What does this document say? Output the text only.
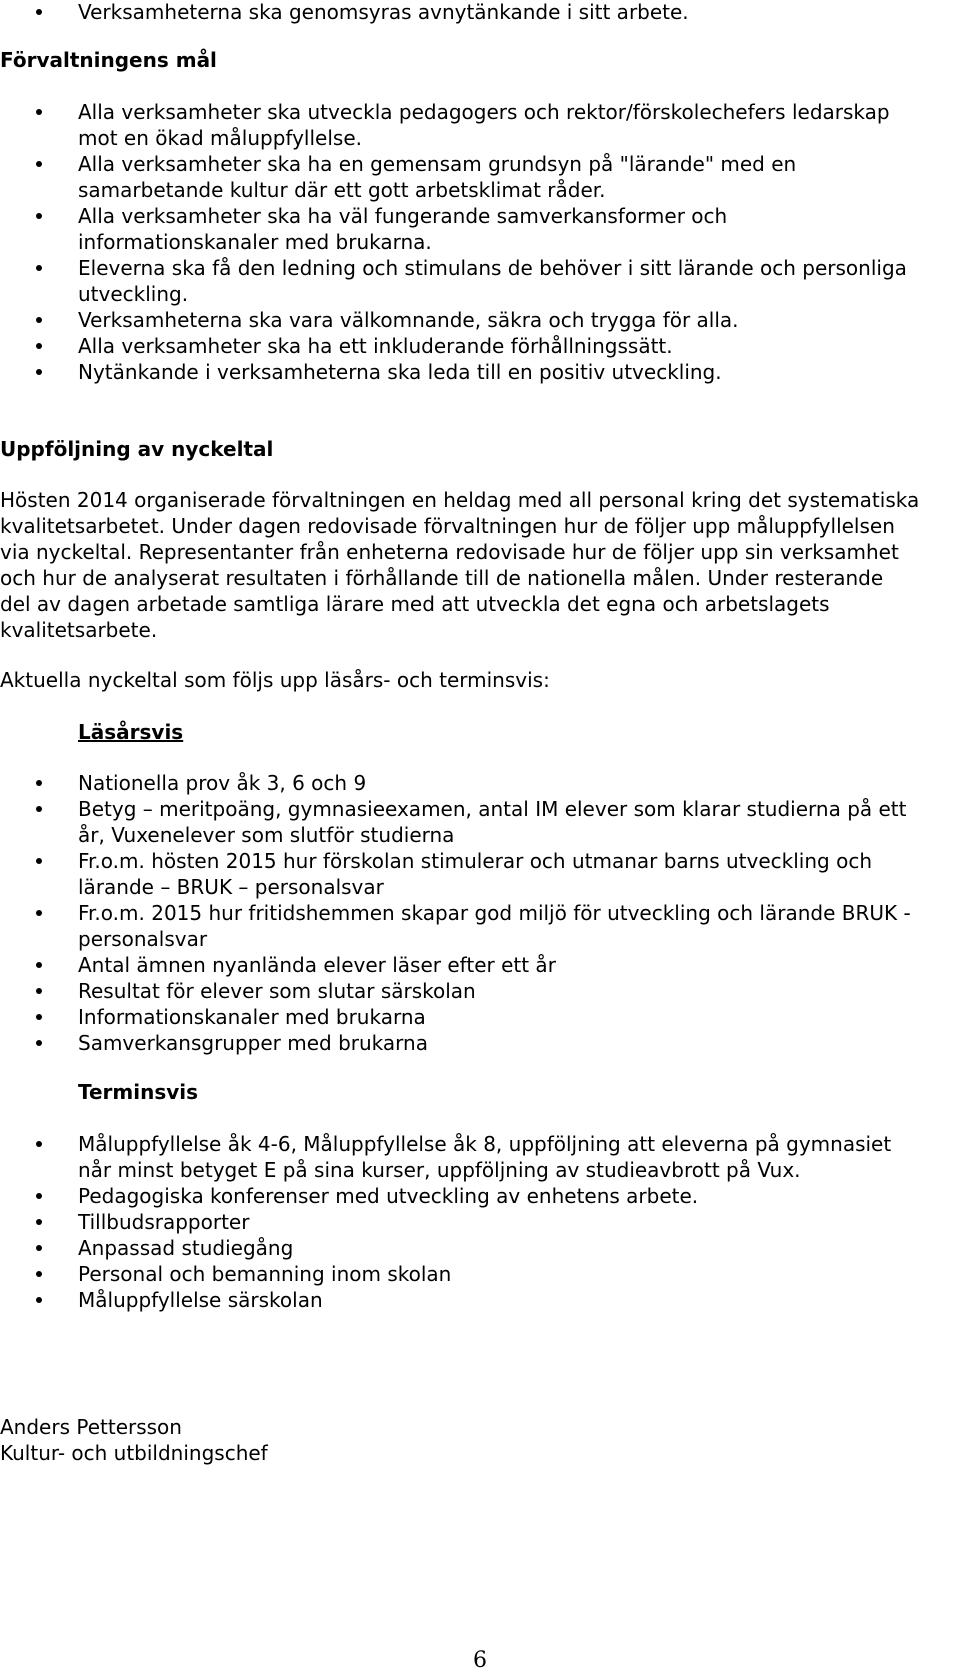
Verksamheterna ska genomsyras avnytänkande i sitt arbete.

Förvaltningens mål

Alla verksamheter ska utveckla pedagogers och rektor/förskolechefers ledarskap mot en ökad måluppfyllelse.
Alla verksamheter ska ha en gemensam grundsyn på "lärande" med en samarbetande kultur där ett gott arbetsklimat råder.
Alla verksamheter ska ha väl fungerande samverkansformer och informationskanaler med brukarna.
Eleverna ska få den ledning och stimulans de behöver i sitt lärande och personliga utveckling.
Verksamheterna ska vara välkomnande, säkra och trygga för alla.
Alla verksamheter ska ha ett inkluderande förhållningssätt.
Nytänkande i verksamheterna ska leda till en positiv utveckling.

Uppföljning av nyckeltal

Hösten 2014 organiserade förvaltningen en heldag med all personal kring det systematiska kvalitetsarbetet. Under dagen redovisade förvaltningen hur de följer upp måluppfyllelsen via nyckeltal. Representanter från enheterna redovisade hur de följer upp sin verksamhet och hur de analyserat resultaten i förhållande till de nationella målen. Under resterande del av dagen arbetade samtliga lärare med att utveckla det egna och arbetslagets kvalitetsarbete.

Aktuella nyckeltal som följs upp läsårs- och terminsvis:

Läsårsvis

Nationella prov åk 3, 6 och 9
Betyg – meritpoäng, gymnasieexamen, antal IM elever som klarar studierna på ett år, Vuxenelever som slutför studierna
Fr.o.m. hösten 2015 hur förskolan stimulerar och utmanar barns utveckling och lärande – BRUK – personalsvar
Fr.o.m. 2015 hur fritidshemmen skapar god miljö för utveckling och lärande BRUK - personalsvar
Antal ämnen nyanlända elever läser efter ett år
Resultat för elever som slutar särskolan
Informationskanaler med brukarna
Samverkansgrupper med brukarna

Terminsvis

Måluppfyllelse åk 4-6, Måluppfyllelse åk 8, uppföljning att eleverna på gymnasiet når minst betyget E på sina kurser, uppföljning av studieavbrott på Vux.
Pedagogiska konferenser med utveckling av enhetens arbete.
Tillbudsrapporter
Anpassad studiegång
Personal och bemanning inom skolan
Måluppfyllelse särskolan

Anders Pettersson

Kultur- och utbildningschef

6
